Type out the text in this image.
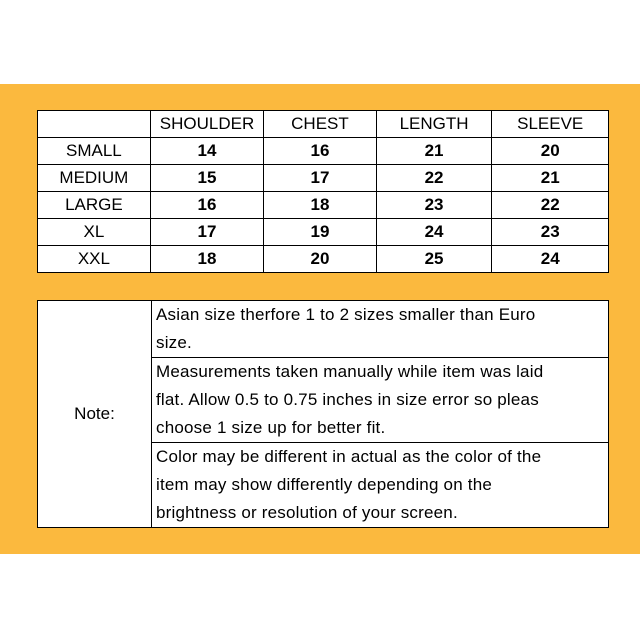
	SHOULDER	CHEST	LENGTH	SLEEVE
SMALL	14	16	21	20
MEDIUM	15	17	22	21
LARGE	16	18	23	22
XL	17	19	24	23
XXL	18	20	25	24
Note:	
Asian size therfore 1 to 2 sizes smaller than Euro
size.

Measurements taken manually while item was laid
flat. Allow 0.5 to 0.75 inches in size error so pleas
choose 1 size up for better fit.

Color may be different in actual as the color of the
item may show differently depending on the
brightness or resolution of your screen.
